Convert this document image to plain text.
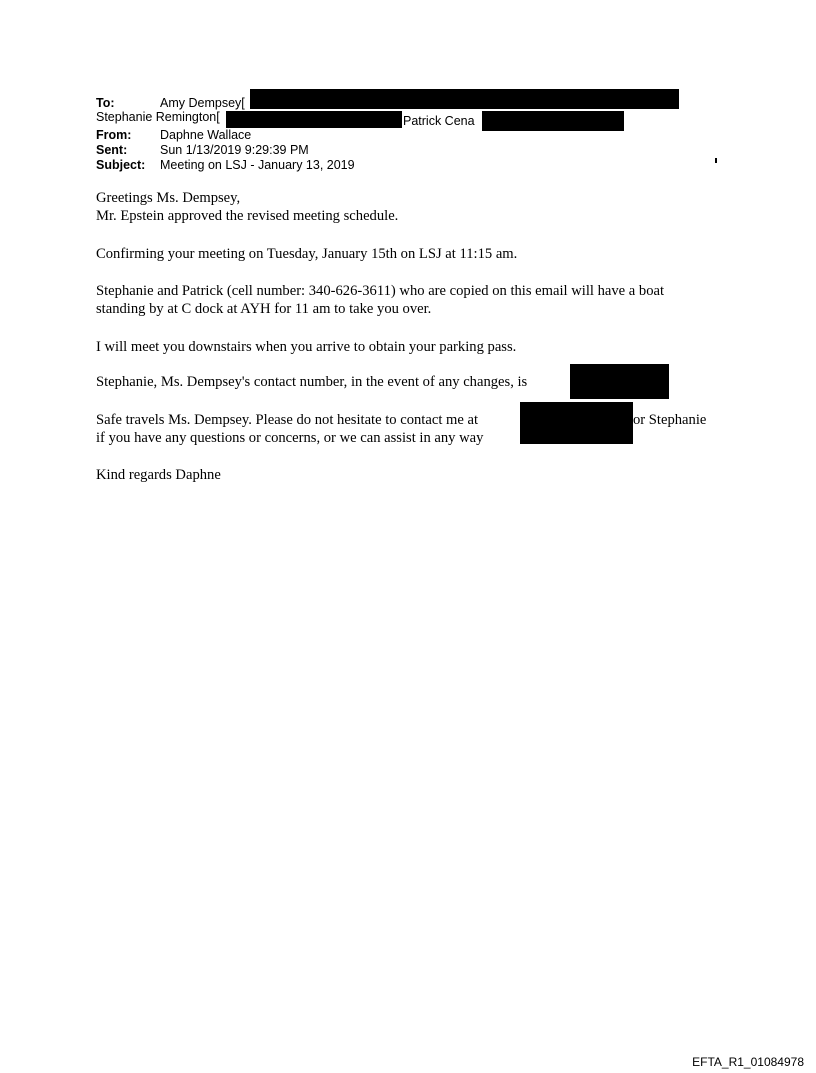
To:	Amy Dempsey[
Stephanie Remington[	Patrick Cena
From: Daphne Wallace
Sent:	Sun 1/13/2019 9:29:39 PM
Subject: Meeting on LSJ - January 13, 2019
Greetings Ms. Dempsey,
Mr. Epstein approved the revised meeting schedule.
Confirming your meeting on Tuesday, January 15th on LSJ at 11:15 am.
Stephanie and Patrick (cell number: 340-626-3611) who are copied on this email will have a boat
standing by at C dock at AYH for 11 am to take you over.
I will meet you downstairs when you arrive to obtain your parking pass.
Stephanie, Ms. Dempsey's contact number, in the event of any changes, is
Safe travels Ms. Dempsey. Please do not hesitate to contact me at	or Stephanie
if you have any questions or concerns, or we can assist in any way
Kind regards Daphne
EFTA_R1_01084978
